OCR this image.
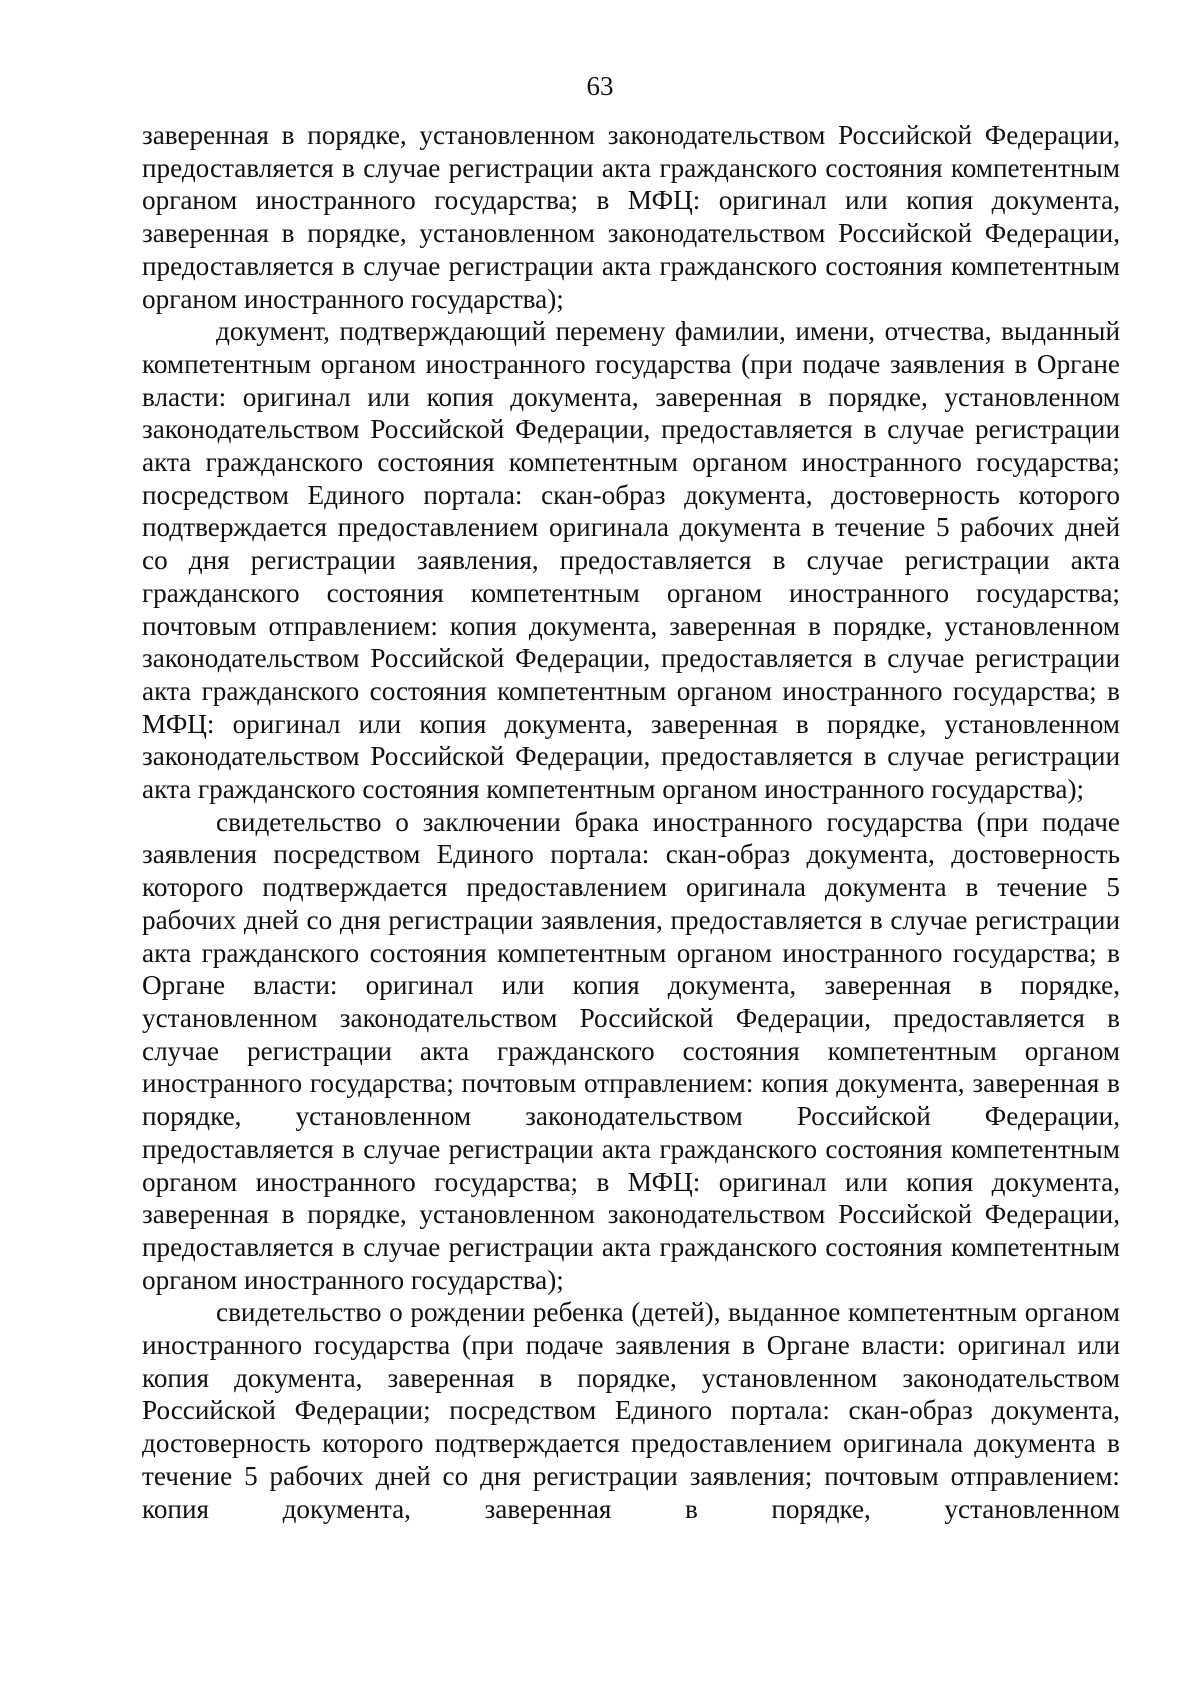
63

заверенная в порядке, установленном законодательством Российской Федерации, предоставляется в случае регистрации акта гражданского состояния компетентным органом иностранного государства; в МФЦ: оригинал или копия документа, заверенная в порядке, установленном законодательством Российской Федерации, предоставляется в случае регистрации акта гражданского состояния компетентным органом иностранного государства);

документ, подтверждающий перемену фамилии, имени, отчества, выданный компетентным органом иностранного государства (при подаче заявления в Органе власти: оригинал или копия документа, заверенная в порядке, установленном законодательством Российской Федерации, предоставляется в случае регистрации акта гражданского состояния компетентным органом иностранного государства; посредством Единого портала: скан-образ документа, достоверность которого подтверждается предоставлением оригинала документа в течение 5 рабочих дней со дня регистрации заявления, предоставляется в случае регистрации акта гражданского состояния компетентным органом иностранного государства; почтовым отправлением: копия документа, заверенная в порядке, установленном законодательством Российской Федерации, предоставляется в случае регистрации акта гражданского состояния компетентным органом иностранного государства; в МФЦ: оригинал или копия документа, заверенная в порядке, установленном законодательством Российской Федерации, предоставляется в случае регистрации акта гражданского состояния компетентным органом иностранного государства);

свидетельство о заключении брака иностранного государства (при подаче заявления посредством Единого портала: скан-образ документа, достоверность которого подтверждается предоставлением оригинала документа в течение 5 рабочих дней со дня регистрации заявления, предоставляется в случае регистрации акта гражданского состояния компетентным органом иностранного государства; в Органе власти: оригинал или копия документа, заверенная в порядке, установленном законодательством Российской Федерации, предоставляется в случае регистрации акта гражданского состояния компетентным органом иностранного государства; почтовым отправлением: копия документа, заверенная в порядке, установленном законодательством Российской Федерации, предоставляется в случае регистрации акта гражданского состояния компетентным органом иностранного государства; в МФЦ: оригинал или копия документа, заверенная в порядке, установленном законодательством Российской Федерации, предоставляется в случае регистрации акта гражданского состояния компетентным органом иностранного государства);

свидетельство о рождении ребенка (детей), выданное компетентным органом иностранного государства (при подаче заявления в Органе власти: оригинал или копия документа, заверенная в порядке, установленном законодательством Российской Федерации; посредством Единого портала: скан-образ документа, достоверность которого подтверждается предоставлением оригинала документа в течение 5 рабочих дней со дня регистрации заявления; почтовым отправлением: копия документа, заверенная в порядке, установленном
